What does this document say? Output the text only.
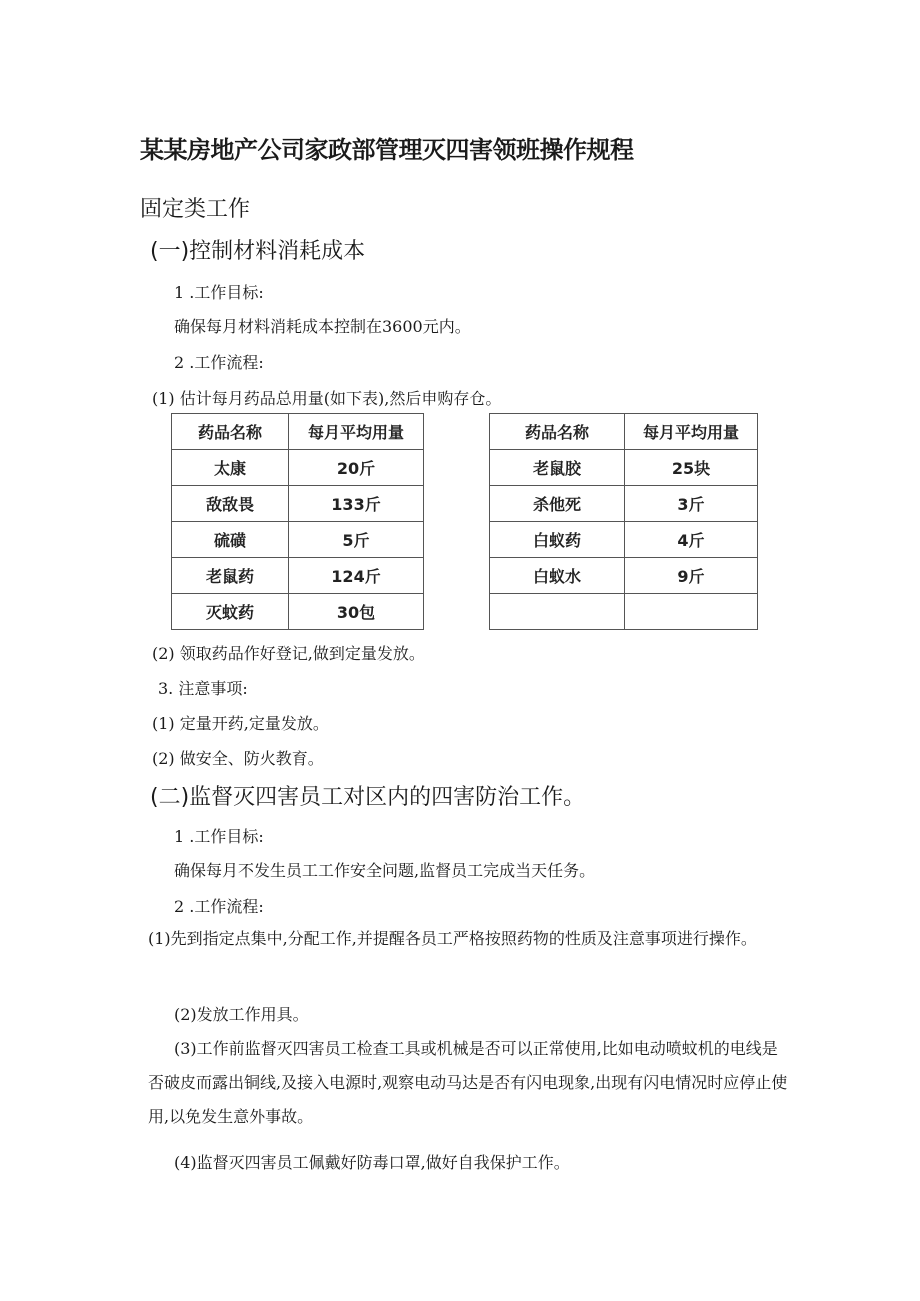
某某房地产公司家政部管理灭四害领班操作规程
固定类工作
(一)控制材料消耗成本
1 .工作目标:
确保每月材料消耗成本控制在3600元内。
2 .工作流程:
(1) 估计每月药品总用量(如下表),然后申购存仓。
药品名称	每月平均用量
太康	20斤
敌敌畏	133斤
硫磺	5斤
老鼠药	124斤
灭蚊药	30包
药品名称	每月平均用量
老鼠胶	25块
杀他死	3斤
白蚁药	4斤
白蚁水	9斤

(2) 领取药品作好登记,做到定量发放。
3. 注意事项:
(1) 定量开药,定量发放。
(2) 做安全、防火教育。
(二)监督灭四害员工对区内的四害防治工作。
1 .工作目标:
确保每月不发生员工工作安全问题,监督员工完成当天任务。
2 .工作流程:
(1)先到指定点集中,分配工作,并提醒各员工严格按照药物的性质及注意事项进行操作。
(2)发放工作用具。
(3)工作前监督灭四害员工检查工具或机械是否可以正常使用,比如电动喷蚊机的电线是否破皮而露出铜线,及接入电源时,观察电动马达是否有闪电现象,出现有闪电情况时应停止使用,以免发生意外事故。
(4)监督灭四害员工佩戴好防毒口罩,做好自我保护工作。
